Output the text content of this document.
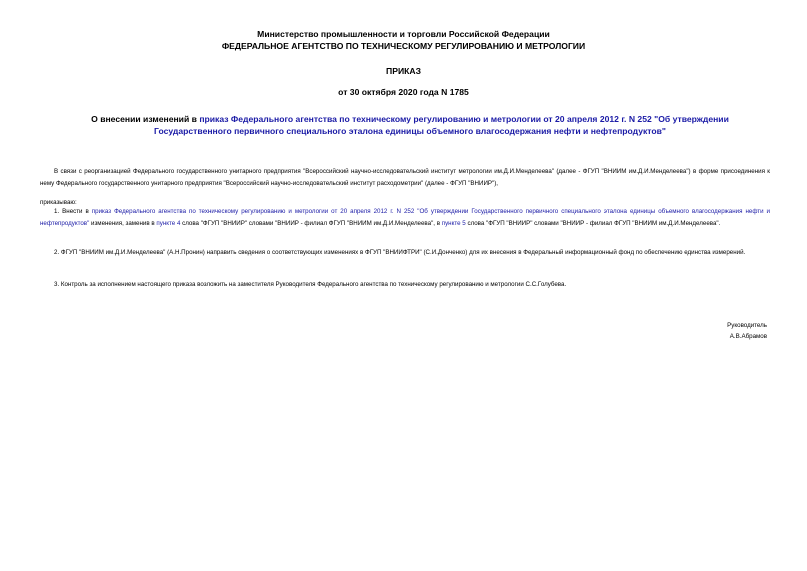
Министерство промышленности и торговли Российской Федерации
ФЕДЕРАЛЬНОЕ АГЕНТСТВО ПО ТЕХНИЧЕСКОМУ РЕГУЛИРОВАНИЮ И МЕТРОЛОГИИ
ПРИКАЗ
от 30 октября 2020 года N 1785
О внесении изменений в приказ Федерального агентства по техническому регулированию и метрологии от 20 апреля 2012 г. N 252 "Об утверждении Государственного первичного специального эталона единицы объемного влагосодержания нефти и нефтепродуктов"
В связи с реорганизацией Федерального государственного унитарного предприятия "Всероссийский научно-исследовательский институт метрологии им.Д.И.Менделеева" (далее - ФГУП "ВНИИМ им.Д.И.Менделеева") в форме присоединения к нему Федерального государственного унитарного предприятия "Всероссийский научно-исследовательский институт расходометрии" (далее - ФГУП "ВНИИР"),
приказываю:
1. Внести в приказ Федерального агентства по техническому регулированию и метрологии от 20 апреля 2012 г. N 252 "Об утверждении Государственного первичного специального эталона единицы объемного влагосодержания нефти и нефтепродуктов" изменения, заменив в пункте 4 слова "ФГУП "ВНИИР" словами "ВНИИР - филиал ФГУП "ВНИИМ им.Д.И.Менделеева", в пункте 5 слова "ФГУП "ВНИИР" словами "ВНИИР - филиал ФГУП "ВНИИМ им.Д.И.Менделеева".
2. ФГУП "ВНИИМ им.Д.И.Менделеева" (А.Н.Пронин) направить сведения о соответствующих изменениях в ФГУП "ВНИИФТРИ" (С.И.Донченко) для их внесения в Федеральный информационный фонд по обеспечению единства измерений.
3. Контроль за исполнением настоящего приказа возложить на заместителя Руководителя Федерального агентства по техническому регулированию и метрологии С.С.Голубева.
Руководитель
А.В.Абрамов
